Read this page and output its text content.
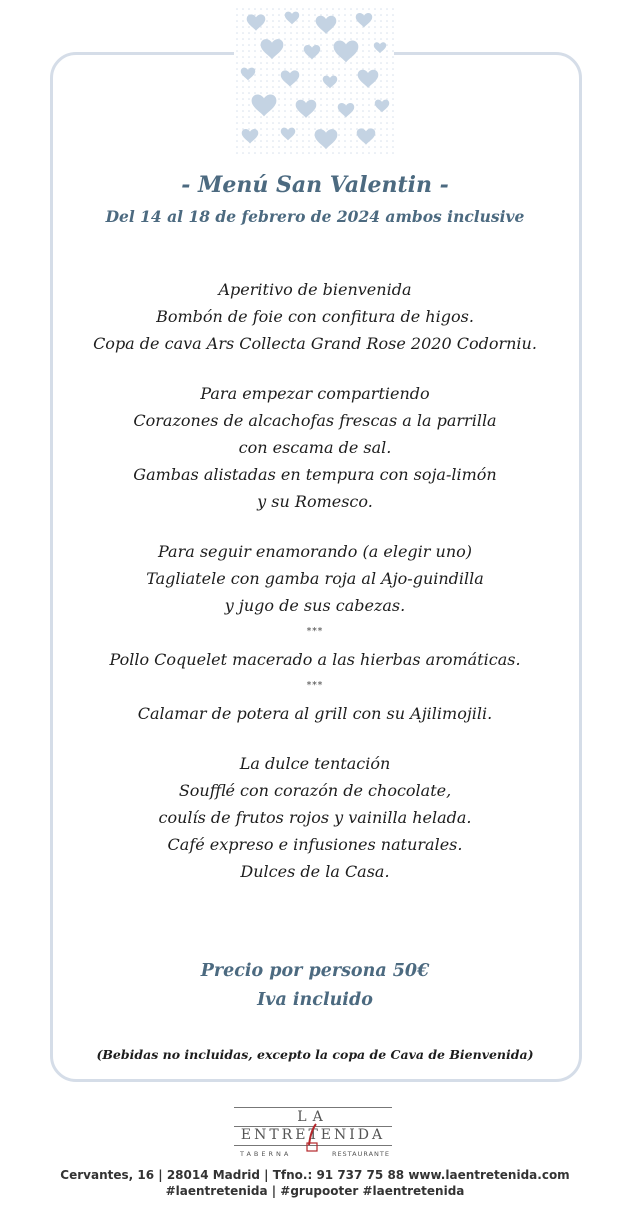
- Menú San Valentin -
Del 14 al 18 de febrero de 2024 ambos inclusive
Aperitivo de bienvenida
Bombón de foie con confitura de higos.
Copa de cava Ars Collecta Grand Rose 2020 Codorniu.
Para empezar compartiendo
Corazones de alcachofas frescas a la parrilla
con escama de sal.
Gambas alistadas en tempura con soja-limón
y su Romesco.
Para seguir enamorando (a elegir uno)
Tagliatele con gamba roja al Ajo-guindilla
y jugo de sus cabezas.
***
Pollo Coquelet macerado a las hierbas aromáticas.
***
Calamar de potera al grill con su Ajilimojili.
La dulce tentación
Soufflé con corazón de chocolate,
coulís de frutos rojos y vainilla helada.
Café expreso e infusiones naturales.
Dulces de la Casa.
Precio por persona 50€
Iva incluido
(Bebidas no incluidas, excepto la copa de Cava de Bienvenida)
LA
ENTRETENIDA
TABERNA	RESTAURANTE
Cervantes, 16 | 28014 Madrid | Tfno.: 91 737 75 88 www.laentretenida.com
#laentretenida | #grupooter #laentretenida
